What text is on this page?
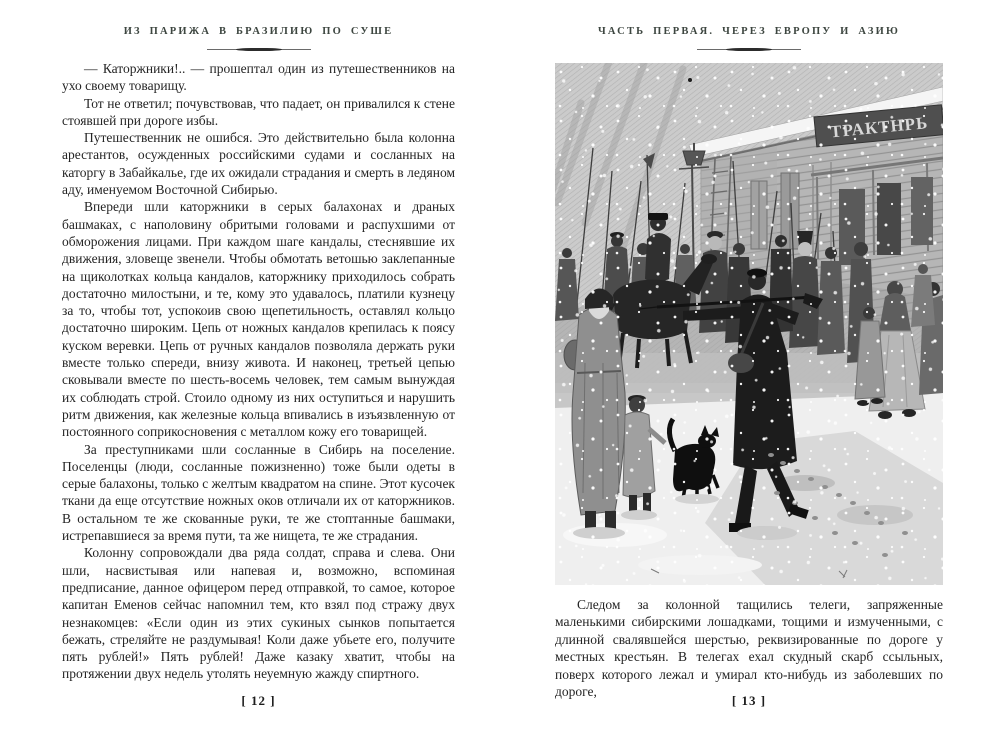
ИЗ ПАРИЖА В БРАЗИЛИЮ ПО СУШЕ

— Каторжники!.. — прошептал один из путешественников на ухо своему товарищу.

Тот не ответил; почувствовав, что падает, он привалился к стене стоявшей при дороге избы.

Путешественник не ошибся. Это действительно была колонна арестантов, осужденных российскими судами и сосланных на каторгу в Забайкалье, где их ожидали страдания и смерть в ледяном аду, именуемом Восточной Сибирью.

Впереди шли каторжники в серых балахонах и драных башмаках, с наполовину обритыми головами и распухшими от обморожения лицами. При каждом шаге кандалы, стеснявшие их движения, зловеще звенели. Чтобы обмотать ветошью заклепанные на щиколотках кольца кандалов, каторжнику приходилось собрать достаточно милостыни, и те, кому это удавалось, платили кузнецу за то, чтобы тот, успокоив свою щепетильность, оставлял кольцо достаточно широким. Цепь от ножных кандалов крепилась к поясу куском веревки. Цепь от ручных кандалов позволяла держать руки вместе только спереди, внизу живота. И наконец, третьей цепью сковывали вместе по шесть-восемь человек, тем самым вынуждая их соблюдать строй. Стоило одному из них оступиться и нарушить ритм движения, как железные кольца впивались в изъязвленную от постоянного соприкосновения с металлом кожу его товарищей.

За преступниками шли сосланные в Сибирь на поселение. Поселенцы (люди, сосланные пожизненно) тоже были одеты в серые балахоны, только с желтым квадратом на спине. Этот кусочек ткани да еще отсутствие ножных оков отличали их от каторжников. В остальном те же скованные руки, те же стоптанные башмаки, истрепавшиеся за время пути, та же нищета, те же страдания.

Колонну сопровождали два ряда солдат, справа и слева. Они шли, насвистывая или напевая и, возможно, вспоминая предписание, данное офицером перед отправкой, то самое, которое капитан Еменов сейчас напомнил тем, кто взял под стражу двух незнакомцев: «Если один из этих сукиных сынков попытается бежать, стреляйте не раздумывая! Коли даже убьете его, получите пять рублей!» Пять рублей! Даже казаку хватит, чтобы на протяжении двух недель утолять неуемную жажду спиртного.

[ 12 ]
ЧАСТЬ ПЕРВАЯ. ЧЕРЕЗ ЕВРОПУ И АЗИЮ

Следом за колонной тащились телеги, запряженные маленькими сибирскими лошадками, тощими и измученными, с длинной свалявшейся шерстью, реквизированные по дороге у местных крестьян. В телегах ехал скудный скарб ссыльных, поверх которого лежал и умирал кто-нибудь из заболевших по дороге,

[ 13 ]
